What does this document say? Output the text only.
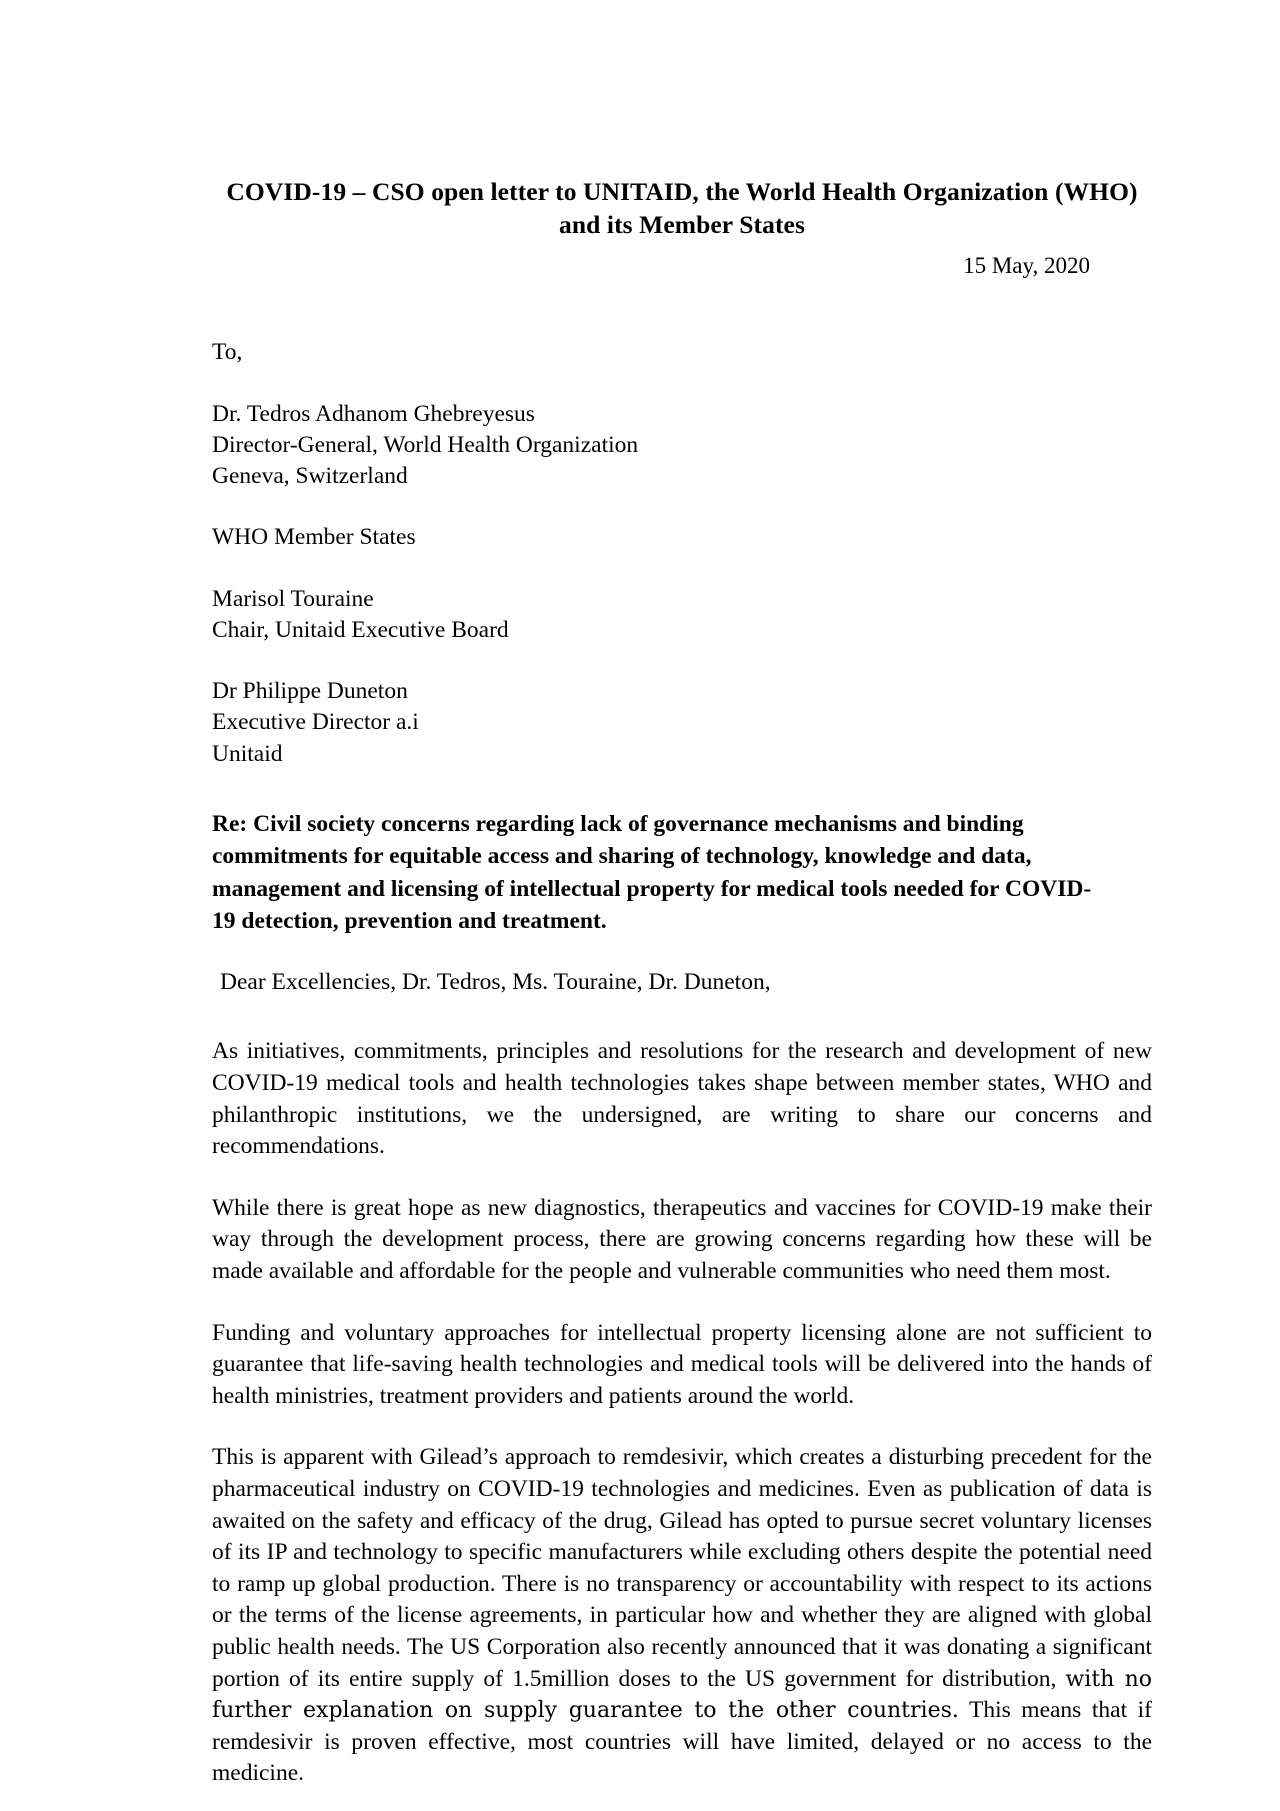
COVID-19 – CSO open letter to UNITAID, the World Health Organization (WHO) and its Member States
15 May, 2020
To,
Dr. Tedros Adhanom Ghebreyesus
Director-General, World Health Organization
Geneva, Switzerland
WHO Member States
Marisol Touraine
Chair, Unitaid Executive Board
Dr Philippe Duneton
Executive Director a.i
Unitaid
Re: Civil society concerns regarding lack of governance mechanisms and binding commitments for equitable access and sharing of technology, knowledge and data, management and licensing of intellectual property for medical tools needed for COVID-19 detection, prevention and treatment.
Dear Excellencies, Dr. Tedros, Ms. Touraine, Dr. Duneton,

As initiatives, commitments, principles and resolutions for the research and development of new COVID-19 medical tools and health technologies takes shape between member states, WHO and philanthropic institutions, we the undersigned, are writing to share our concerns and recommendations.

While there is great hope as new diagnostics, therapeutics and vaccines for COVID-19 make their way through the development process, there are growing concerns regarding how these will be made available and affordable for the people and vulnerable communities who need them most.

Funding and voluntary approaches for intellectual property licensing alone are not sufficient to guarantee that life-saving health technologies and medical tools will be delivered into the hands of health ministries, treatment providers and patients around the world.

This is apparent with Gilead’s approach to remdesivir, which creates a disturbing precedent for the pharmaceutical industry on COVID-19 technologies and medicines. Even as publication of data is awaited on the safety and efficacy of the drug, Gilead has opted to pursue secret voluntary licenses of its IP and technology to specific manufacturers while excluding others despite the potential need to ramp up global production. There is no transparency or accountability with respect to its actions or the terms of the license agreements, in particular how and whether they are aligned with global public health needs. The US Corporation also recently announced that it was donating a significant portion of its entire supply of 1.5million doses to the US government for distribution, with no further explanation on supply guarantee to the other countries. This means that if remdesivir is proven effective, most countries will have limited, delayed or no access to the medicine.
